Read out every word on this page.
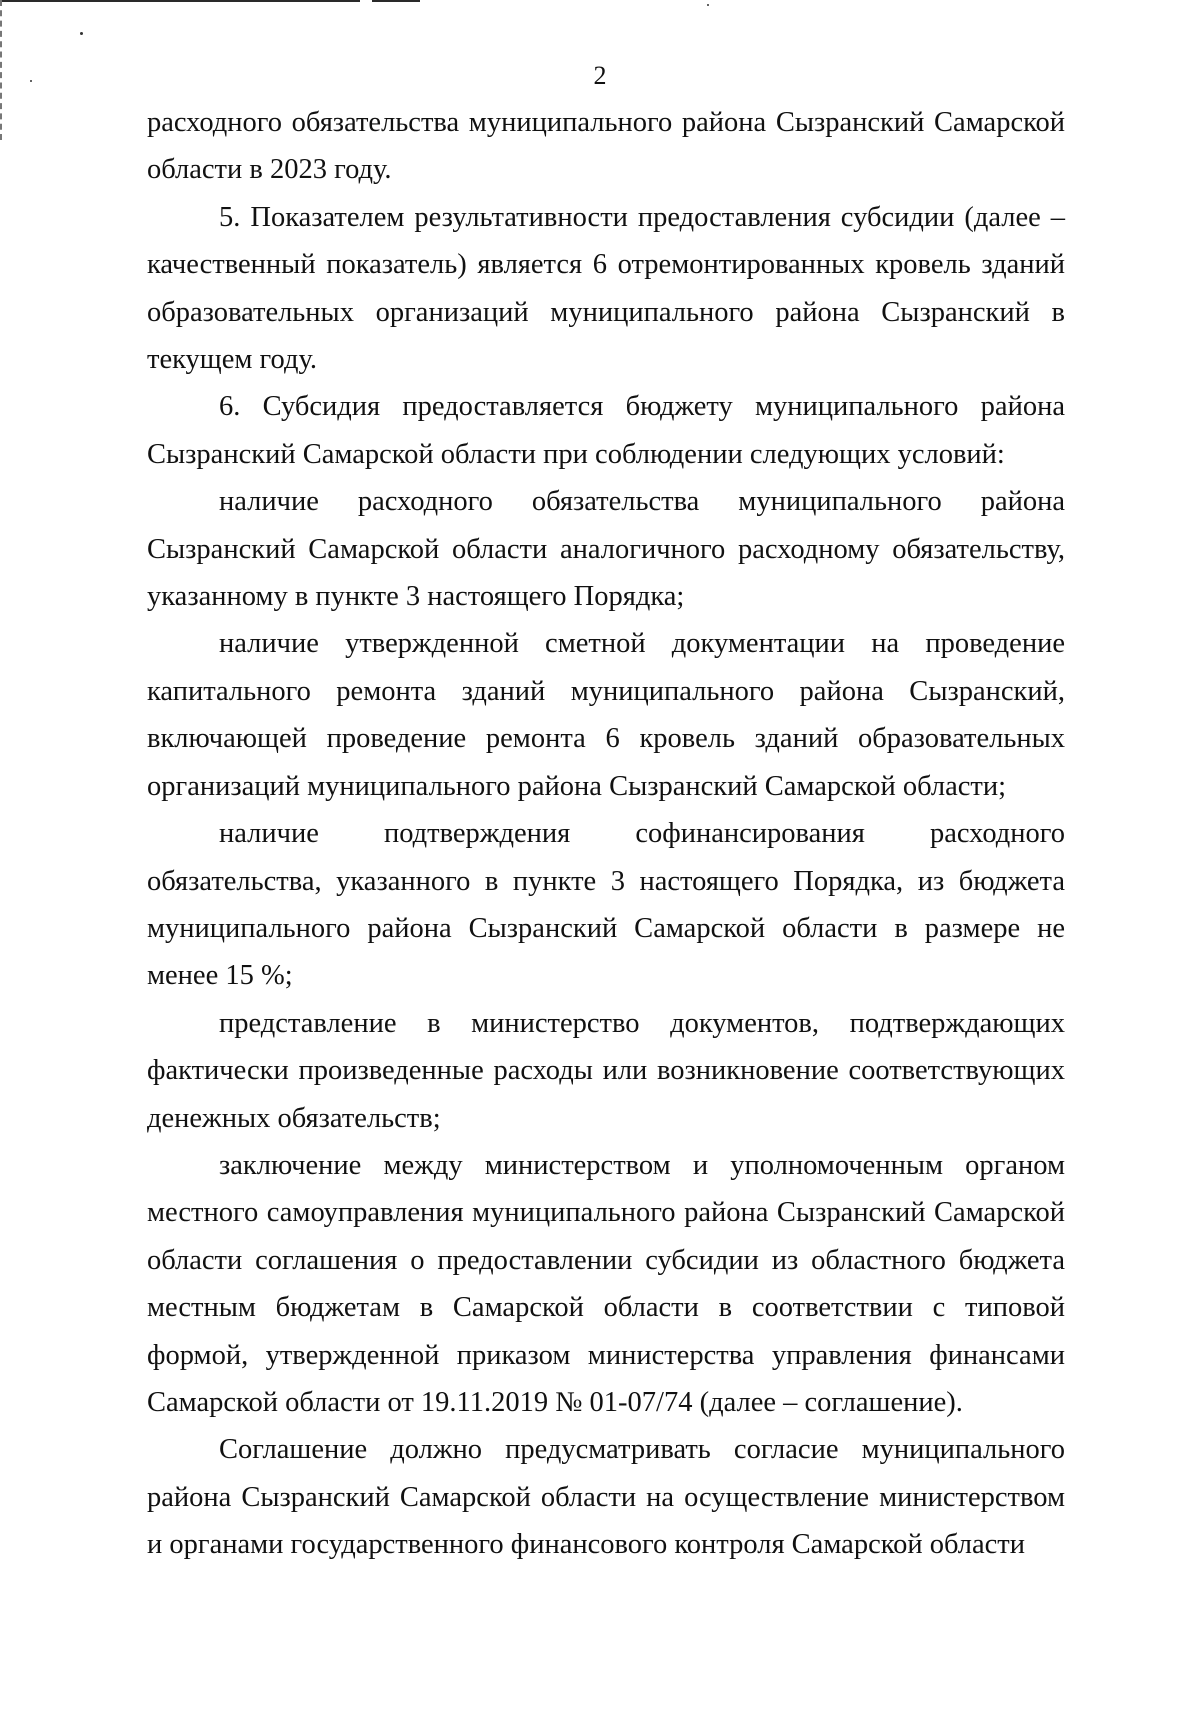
2

расходного обязательства муниципального района Сызранский Самарской области в 2023 году.

5. Показателем результативности предоставления субсидии (далее – качественный показатель) является 6 отремонтированных кровель зданий образовательных организаций муниципального района Сызранский в текущем году.

6. Субсидия предоставляется бюджету муниципального района Сызранский Самарской области при соблюдении следующих условий:

наличие расходного обязательства муниципального района Сызранский Самарской области аналогичного расходному обязательству, указанному в пункте 3 настоящего Порядка;

наличие утвержденной сметной документации на проведение капитального ремонта зданий муниципального района Сызранский, включающей проведение ремонта 6 кровель зданий образовательных организаций муниципального района Сызранский Самарской области;

наличие подтверждения софинансирования расходного обязательства, указанного в пункте 3 настоящего Порядка, из бюджета муниципального района Сызранский Самарской области в размере не менее 15 %;

представление в министерство документов, подтверждающих фактически произведенные расходы или возникновение соответствующих денежных обязательств;

заключение между министерством и уполномоченным органом местного самоуправления муниципального района Сызранский Самарской области соглашения о предоставлении субсидии из областного бюджета местным бюджетам в Самарской области в соответствии с типовой формой, утвержденной приказом министерства управления финансами Самарской области от 19.11.2019 № 01-07/74 (далее – соглашение).

Соглашение должно предусматривать согласие муниципального района Сызранский Самарской области на осуществление министерством и органами государственного финансового контроля Самарской области
